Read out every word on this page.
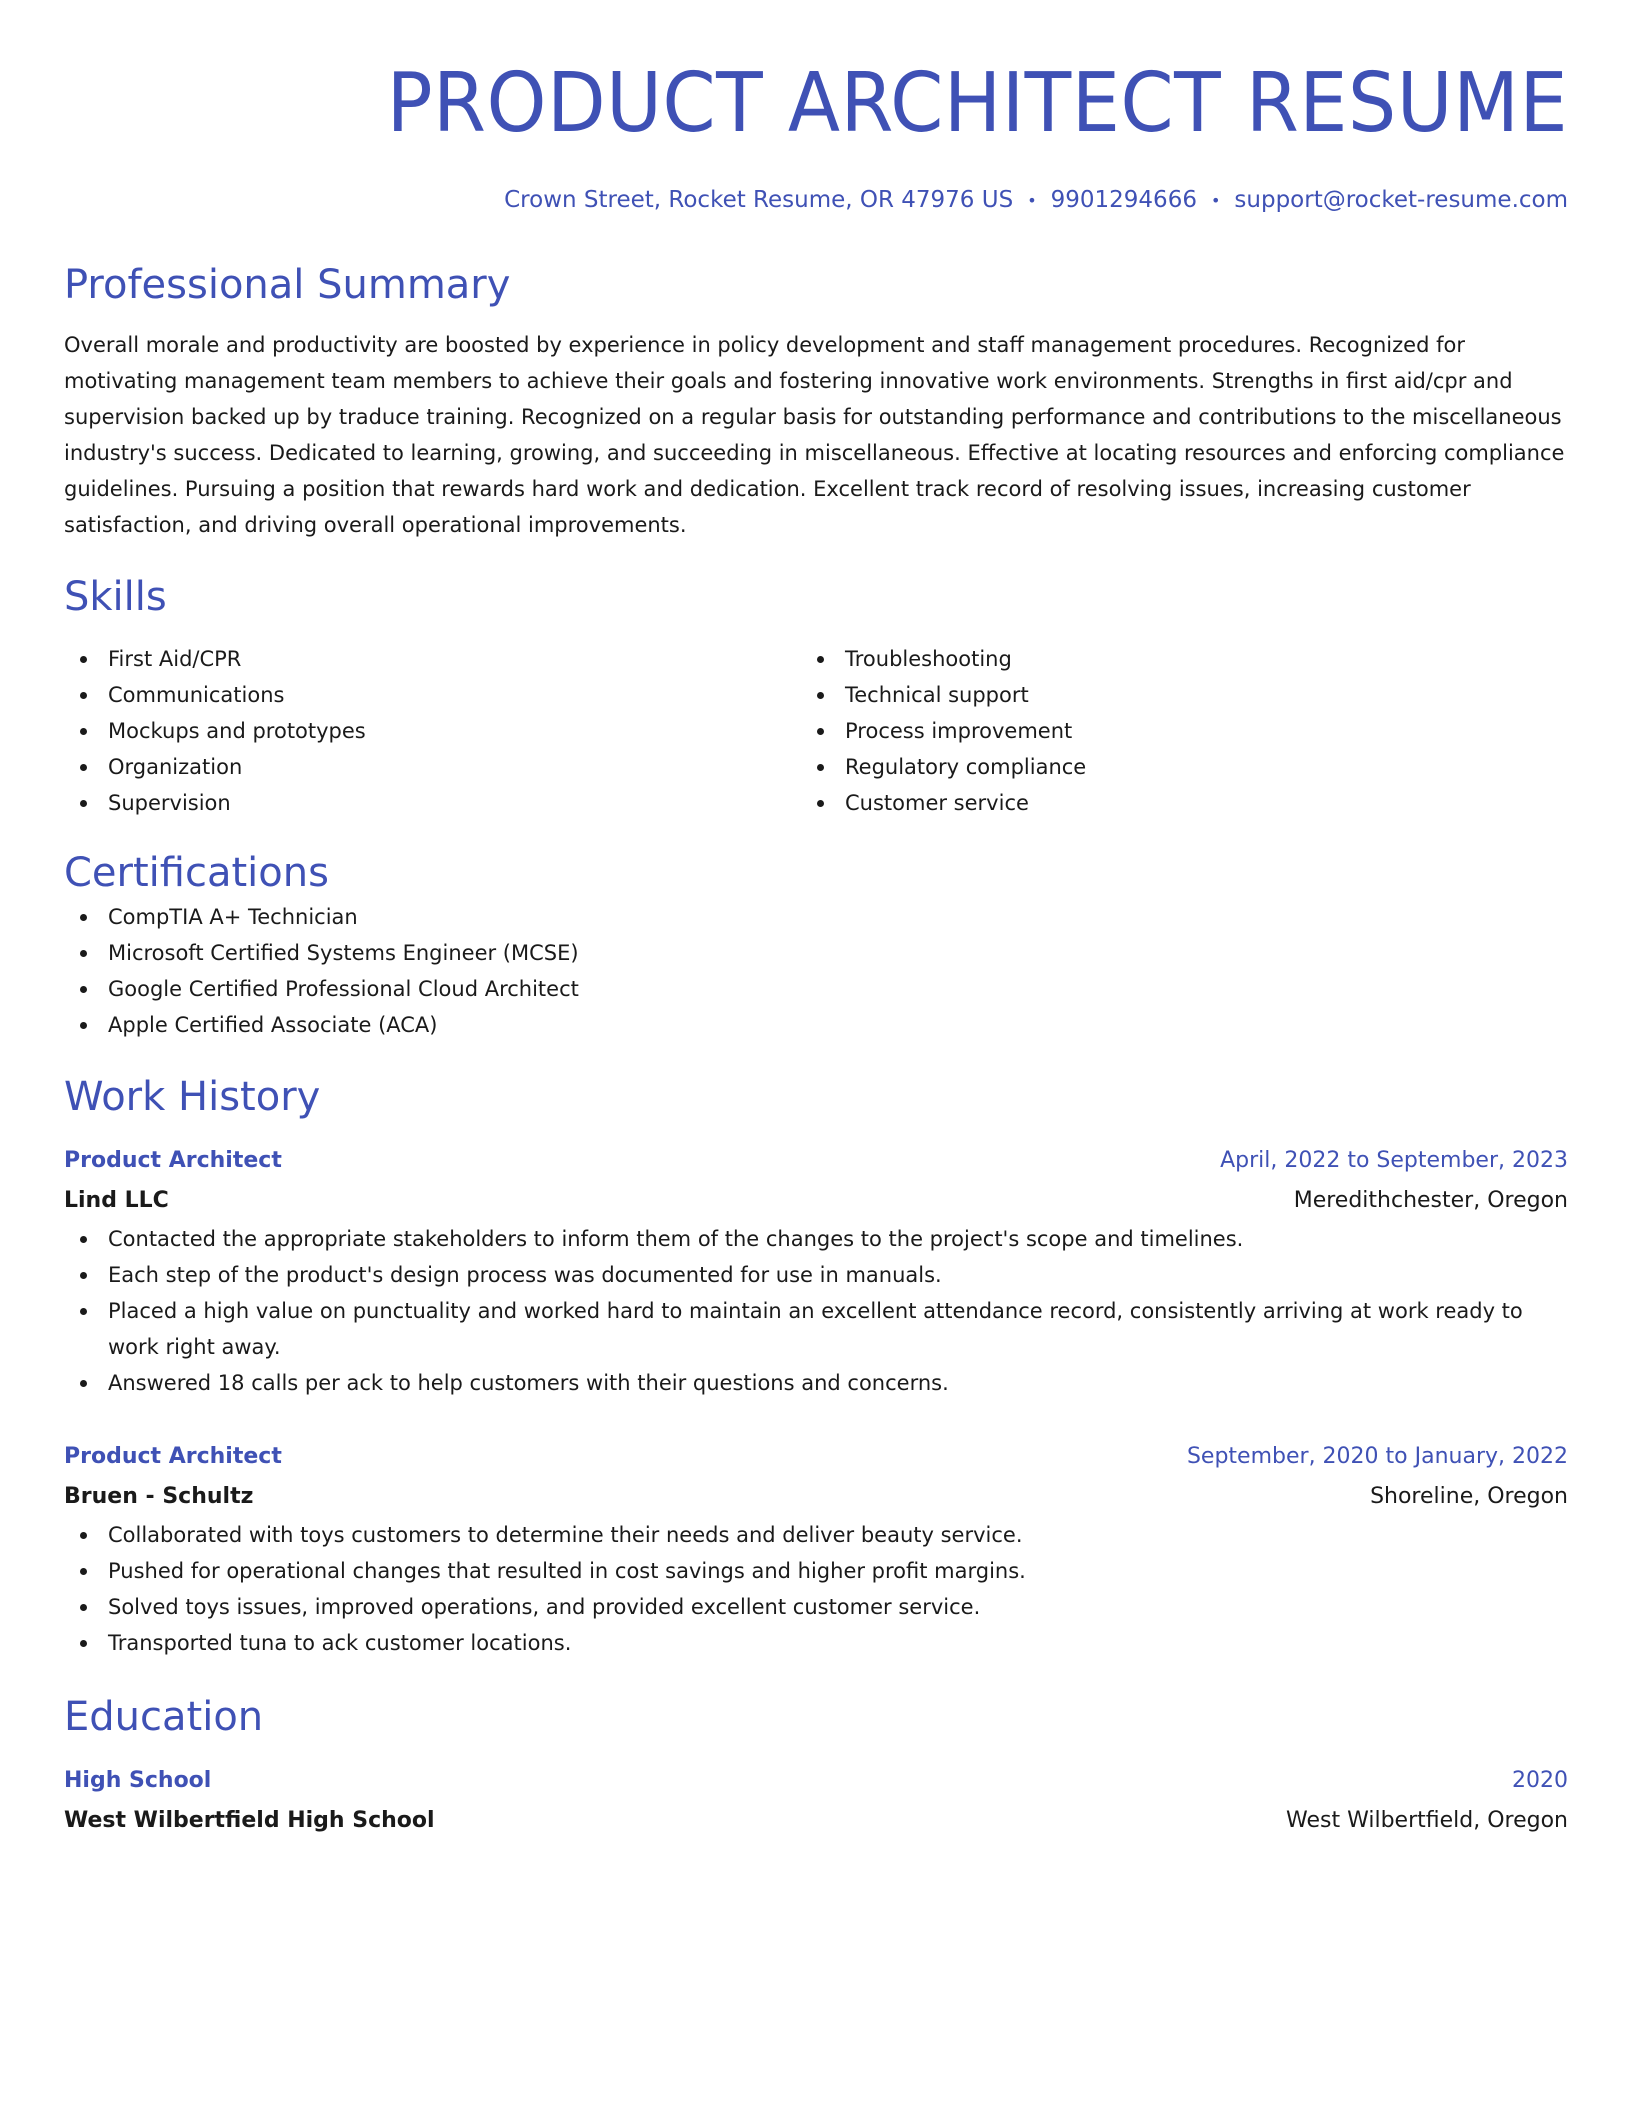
PRODUCT ARCHITECT RESUME
Crown Street, Rocket Resume, OR 47976 US • 9901294666 • support@rocket-resume.com
Professional Summary
Overall morale and productivity are boosted by experience in policy development and staff management procedures. Recognized for motivating management team members to achieve their goals and fostering innovative work environments. Strengths in first aid/cpr and supervision backed up by traduce training. Recognized on a regular basis for outstanding performance and contributions to the miscellaneous industry's success. Dedicated to learning, growing, and succeeding in miscellaneous. Effective at locating resources and enforcing compliance guidelines. Pursuing a position that rewards hard work and dedication. Excellent track record of resolving issues, increasing customer satisfaction, and driving overall operational improvements.
Skills
First Aid/CPR
Communications
Mockups and prototypes
Organization
Supervision
Troubleshooting
Technical support
Process improvement
Regulatory compliance
Customer service
Certifications
CompTIA A+ Technician
Microsoft Certified Systems Engineer (MCSE)
Google Certified Professional Cloud Architect
Apple Certified Associate (ACA)
Work History
Product Architect	April, 2022 to September, 2023
Lind LLC	Meredithchester, Oregon
Contacted the appropriate stakeholders to inform them of the changes to the project's scope and timelines.
Each step of the product's design process was documented for use in manuals.
Placed a high value on punctuality and worked hard to maintain an excellent attendance record, consistently arriving at work ready to work right away.
Answered 18 calls per ack to help customers with their questions and concerns.
Product Architect	September, 2020 to January, 2022
Bruen - Schultz	Shoreline, Oregon
Collaborated with toys customers to determine their needs and deliver beauty service.
Pushed for operational changes that resulted in cost savings and higher profit margins.
Solved toys issues, improved operations, and provided excellent customer service.
Transported tuna to ack customer locations.
Education
High School	2020
West Wilbertfield High School	West Wilbertfield, Oregon
